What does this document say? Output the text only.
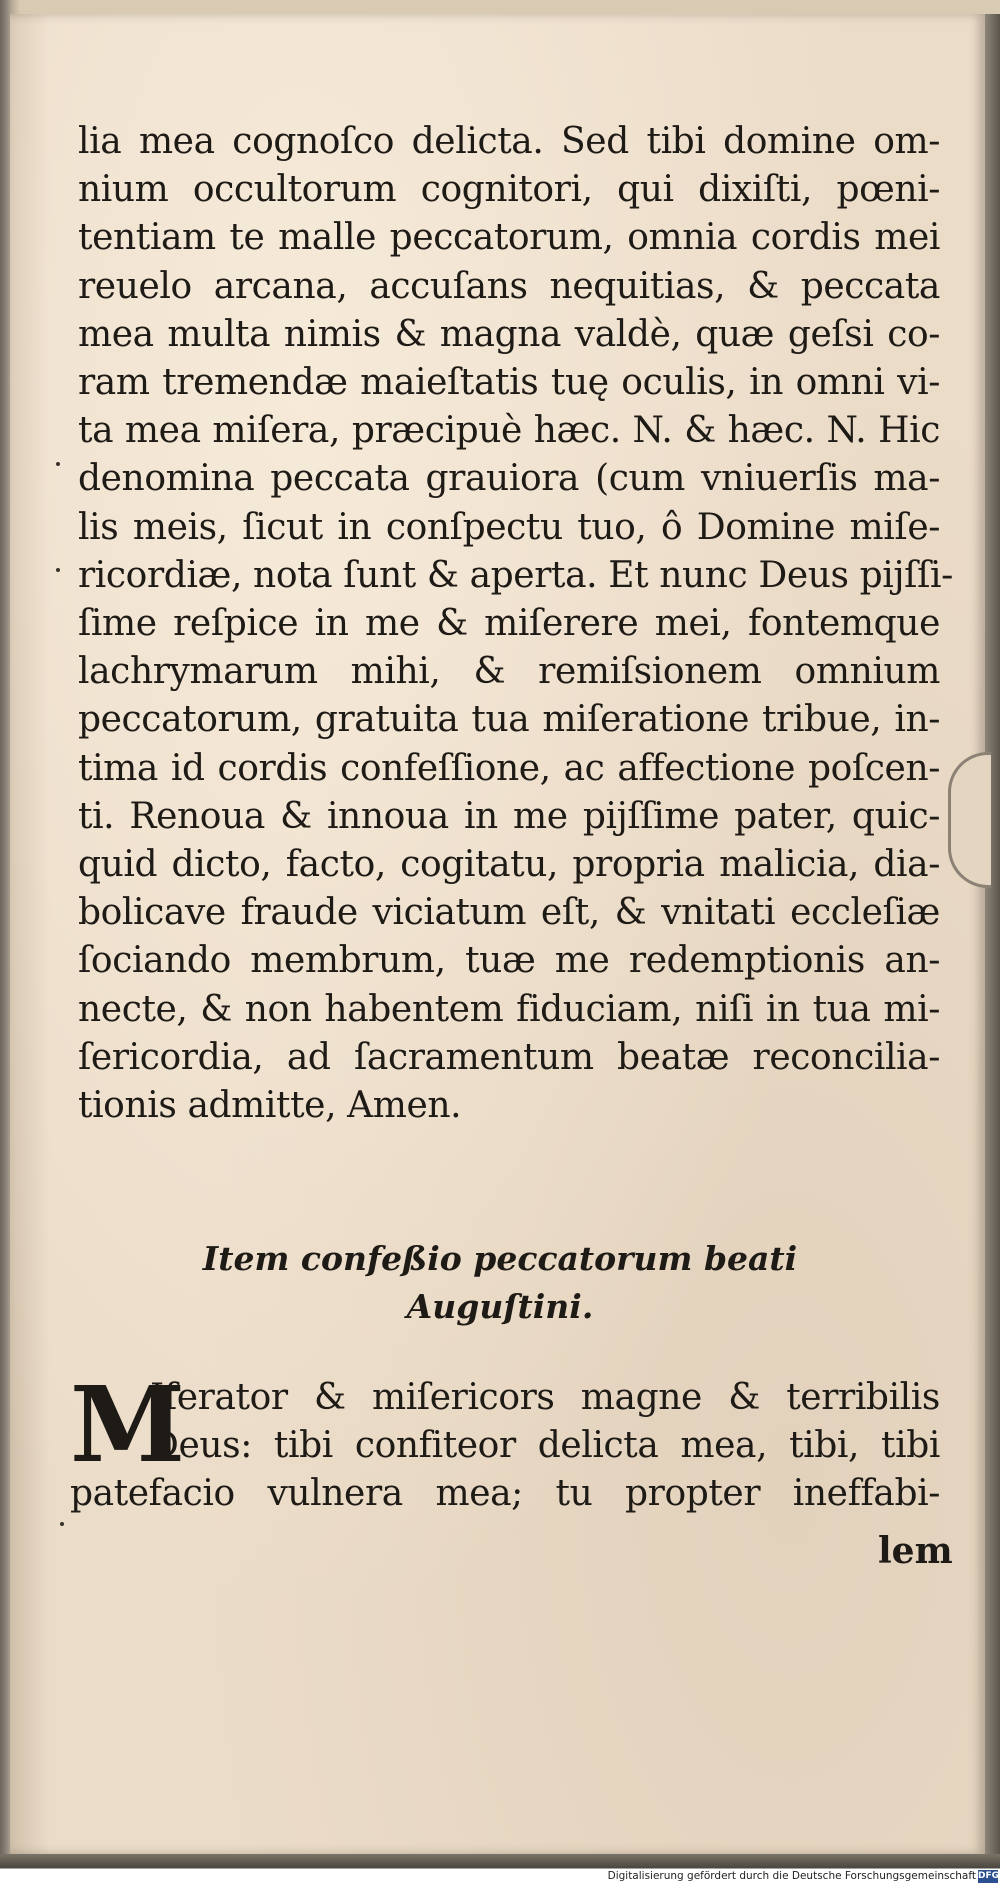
lia mea cognoſco delicta. Sed tibi domine om-
nium occultorum cognitori, qui dixiſti, pœni-
tentiam te malle peccatorum, omnia cordis mei
reuelo arcana, accuſans nequitias, & peccata
mea multa nimis & magna valdè, quæ geſsi co-
ram tremendæ maieſtatis tuę oculis, in omni vi-
ta mea miſera, præcipuè hæc. N. & hæc. N. Hic
denomina peccata grauiora (cum vniuerſis ma-
lis meis, ſicut in conſpectu tuo, ô Domine miſe-
ricordiæ, nota ſunt & aperta. Et nunc Deus pijſſi-
ſime reſpice in me & miſerere mei, fontemque
lachrymarum mihi, & remiſsionem omnium
peccatorum, gratuita tua miſeratione tribue, in-
tima id cordis confeſſione, ac affectione poſcen-
ti. Renoua & innoua in me pijſſime pater, quic-
quid dicto, facto, cogitatu, propria malicia, dia-
bolicave fraude viciatum eſt, & vnitati eccleſiæ
ſociando membrum, tuæ me redemptionis an-
necte, & non habentem fiduciam, niſi in tua mi-
ſericordia, ad ſacramentum beatæ reconcilia-
tionis admitte, Amen.
Item confeßio peccatorum beati
Auguſtini.
M
Iſerator & miſericors magne & terribilis
Deus: tibi confiteor delicta mea, tibi, tibi
patefacio vulnera mea; tu propter ineffabi-
lem
Digitalisierung gefördert durch die Deutsche Forschungsgemeinschaft DFG
